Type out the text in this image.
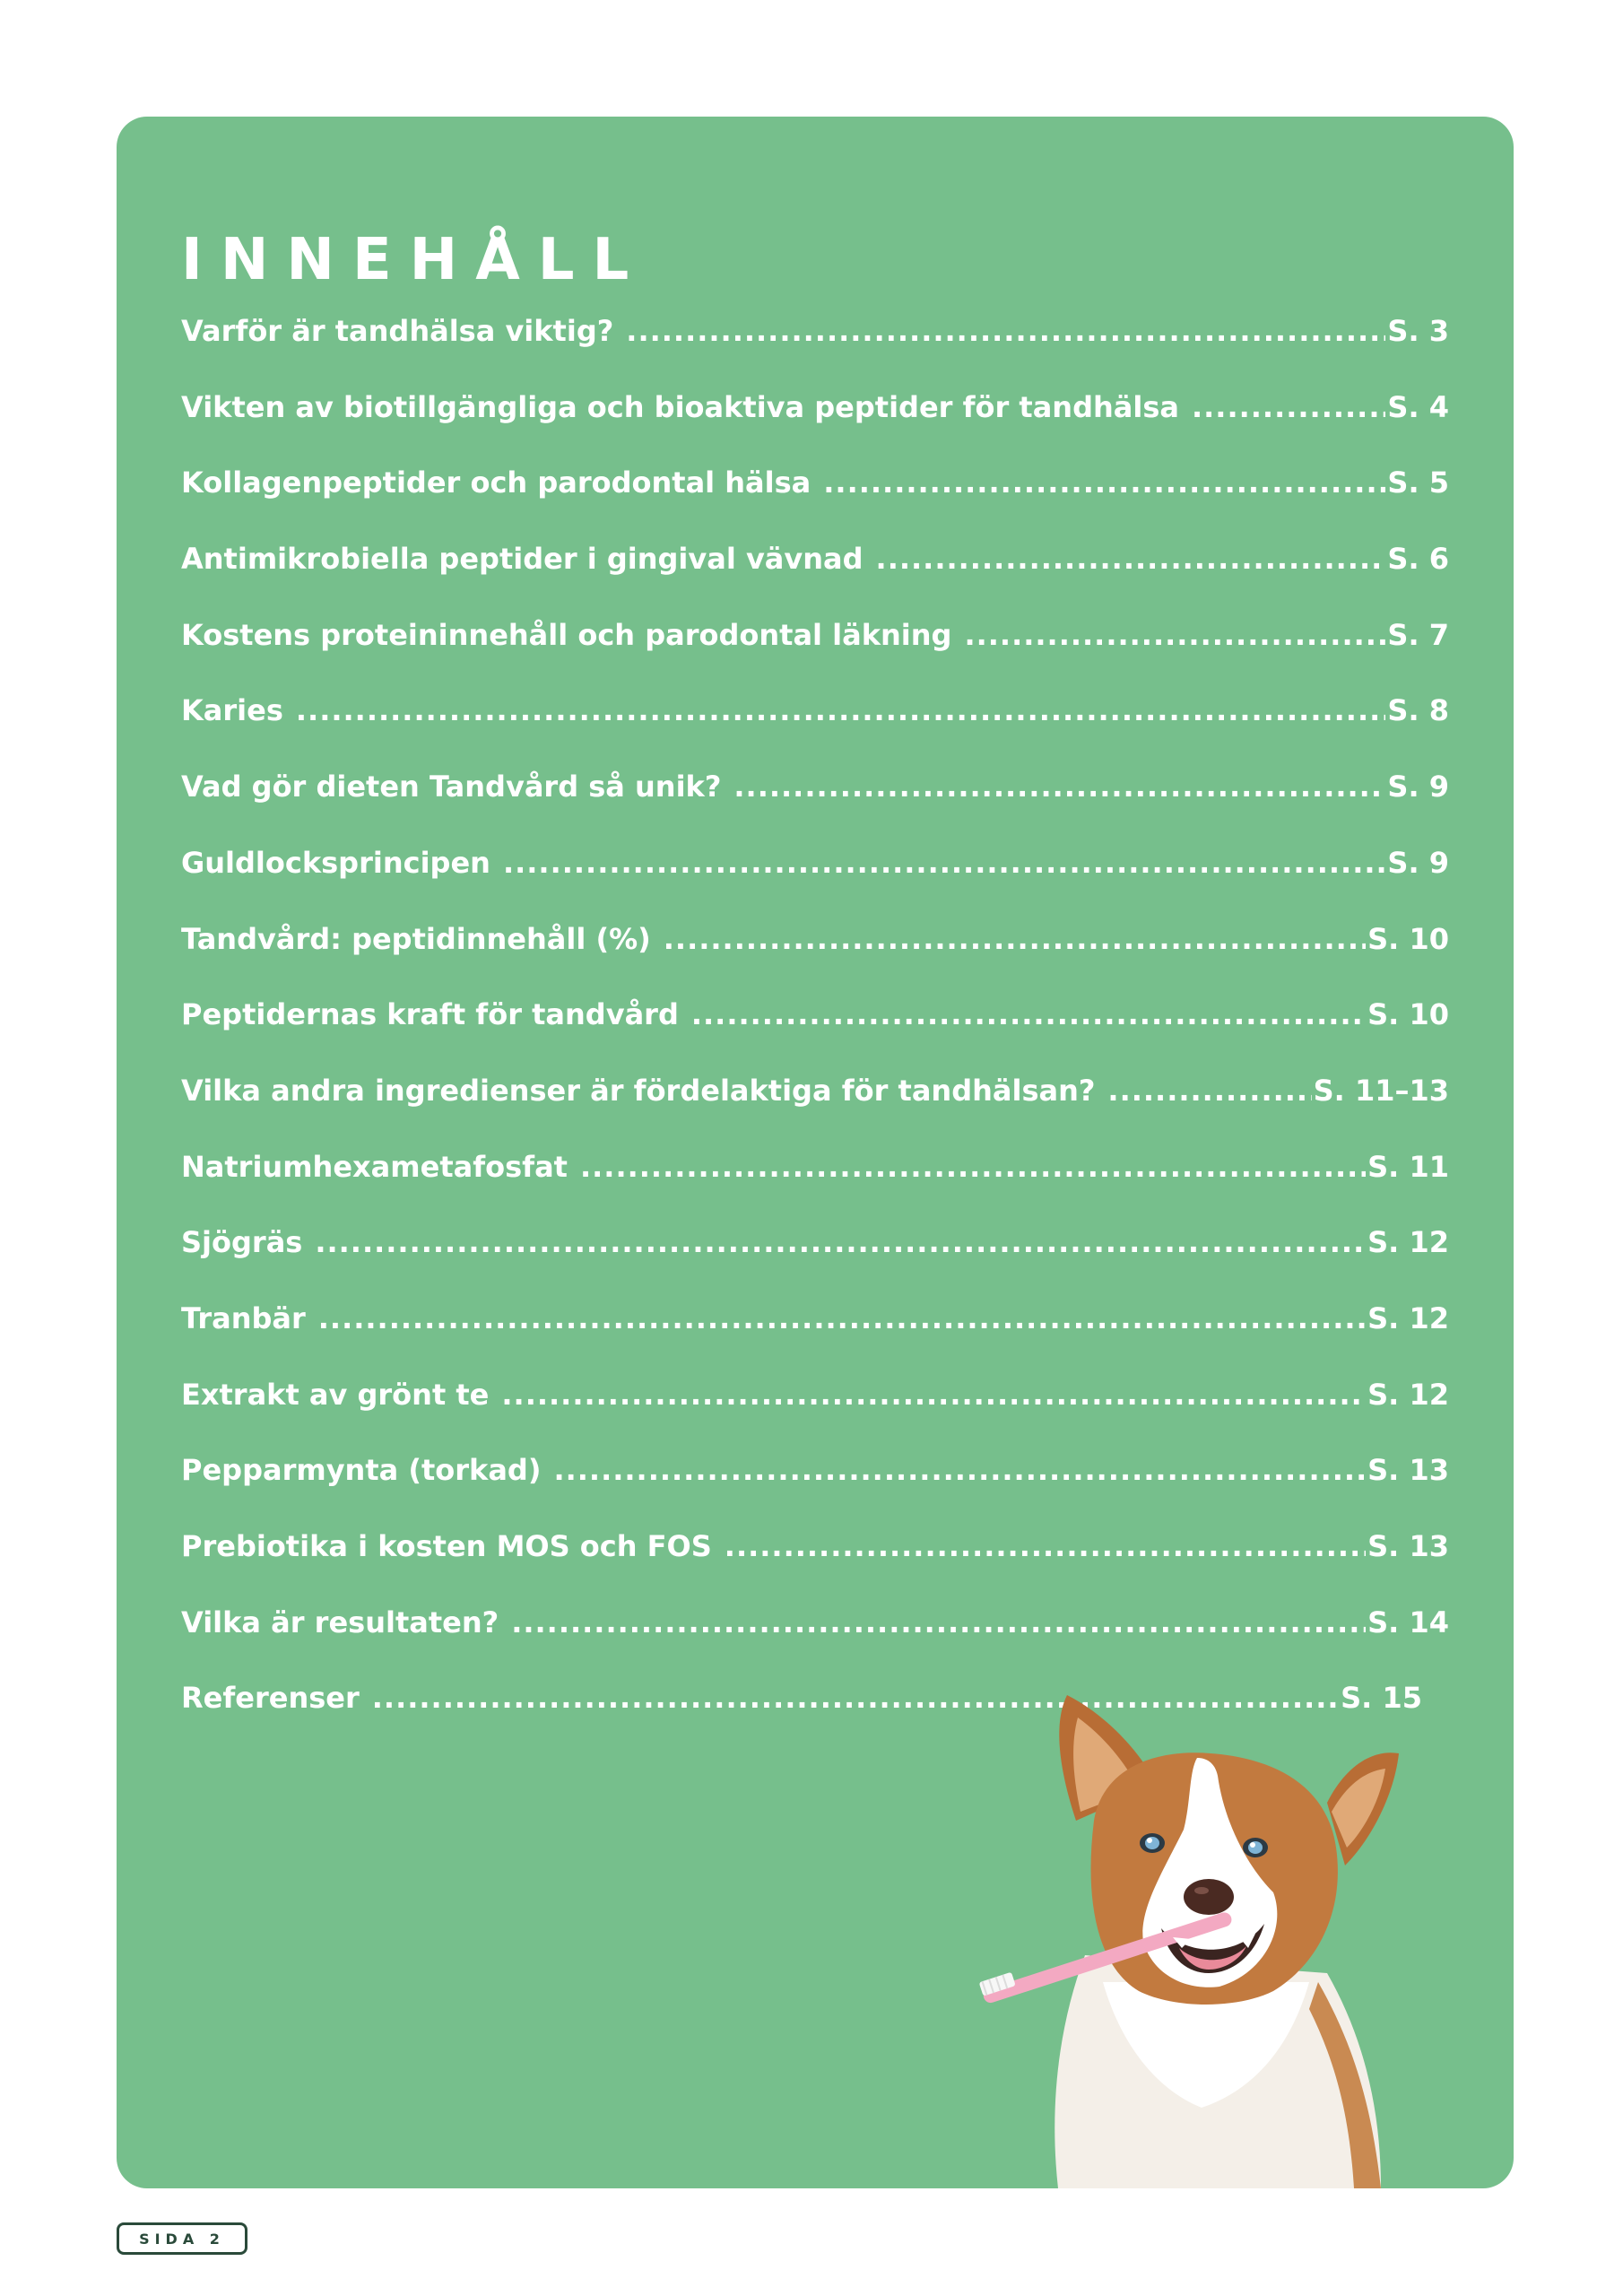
INNEHÅLL
Varför är tandhälsa viktig? .....	S. 3
Vikten av biotillgängliga och bioaktiva peptider för tandhälsa .....	S. 4
Kollagenpeptider och parodontal hälsa .....	S. 5
Antimikrobiella peptider i gingival vävnad .....	S. 6
Kostens proteininnehåll och parodontal läkning .....	S. 7
Karies .....	S. 8
Vad gör dieten Tandvård så unik? .....	S. 9
Guldlocksprincipen .....	S. 9
Tandvård: peptidinnehåll (%) .....	S. 10
Peptidernas kraft för tandvård .....	S. 10
Vilka andra ingredienser är fördelaktiga för tandhälsan? .....	S. 11–13
Natriumhexametafosfat .....	S. 11
Sjögräs .....	S. 12
Tranbär .....	S. 12
Extrakt av grönt te .....	S. 12
Pepparmynta (torkad) .....	S. 13
Prebiotika i kosten MOS och FOS .....	S. 13
Vilka är resultaten? .....	S. 14
Referenser .....	S. 15
SIDA 2
